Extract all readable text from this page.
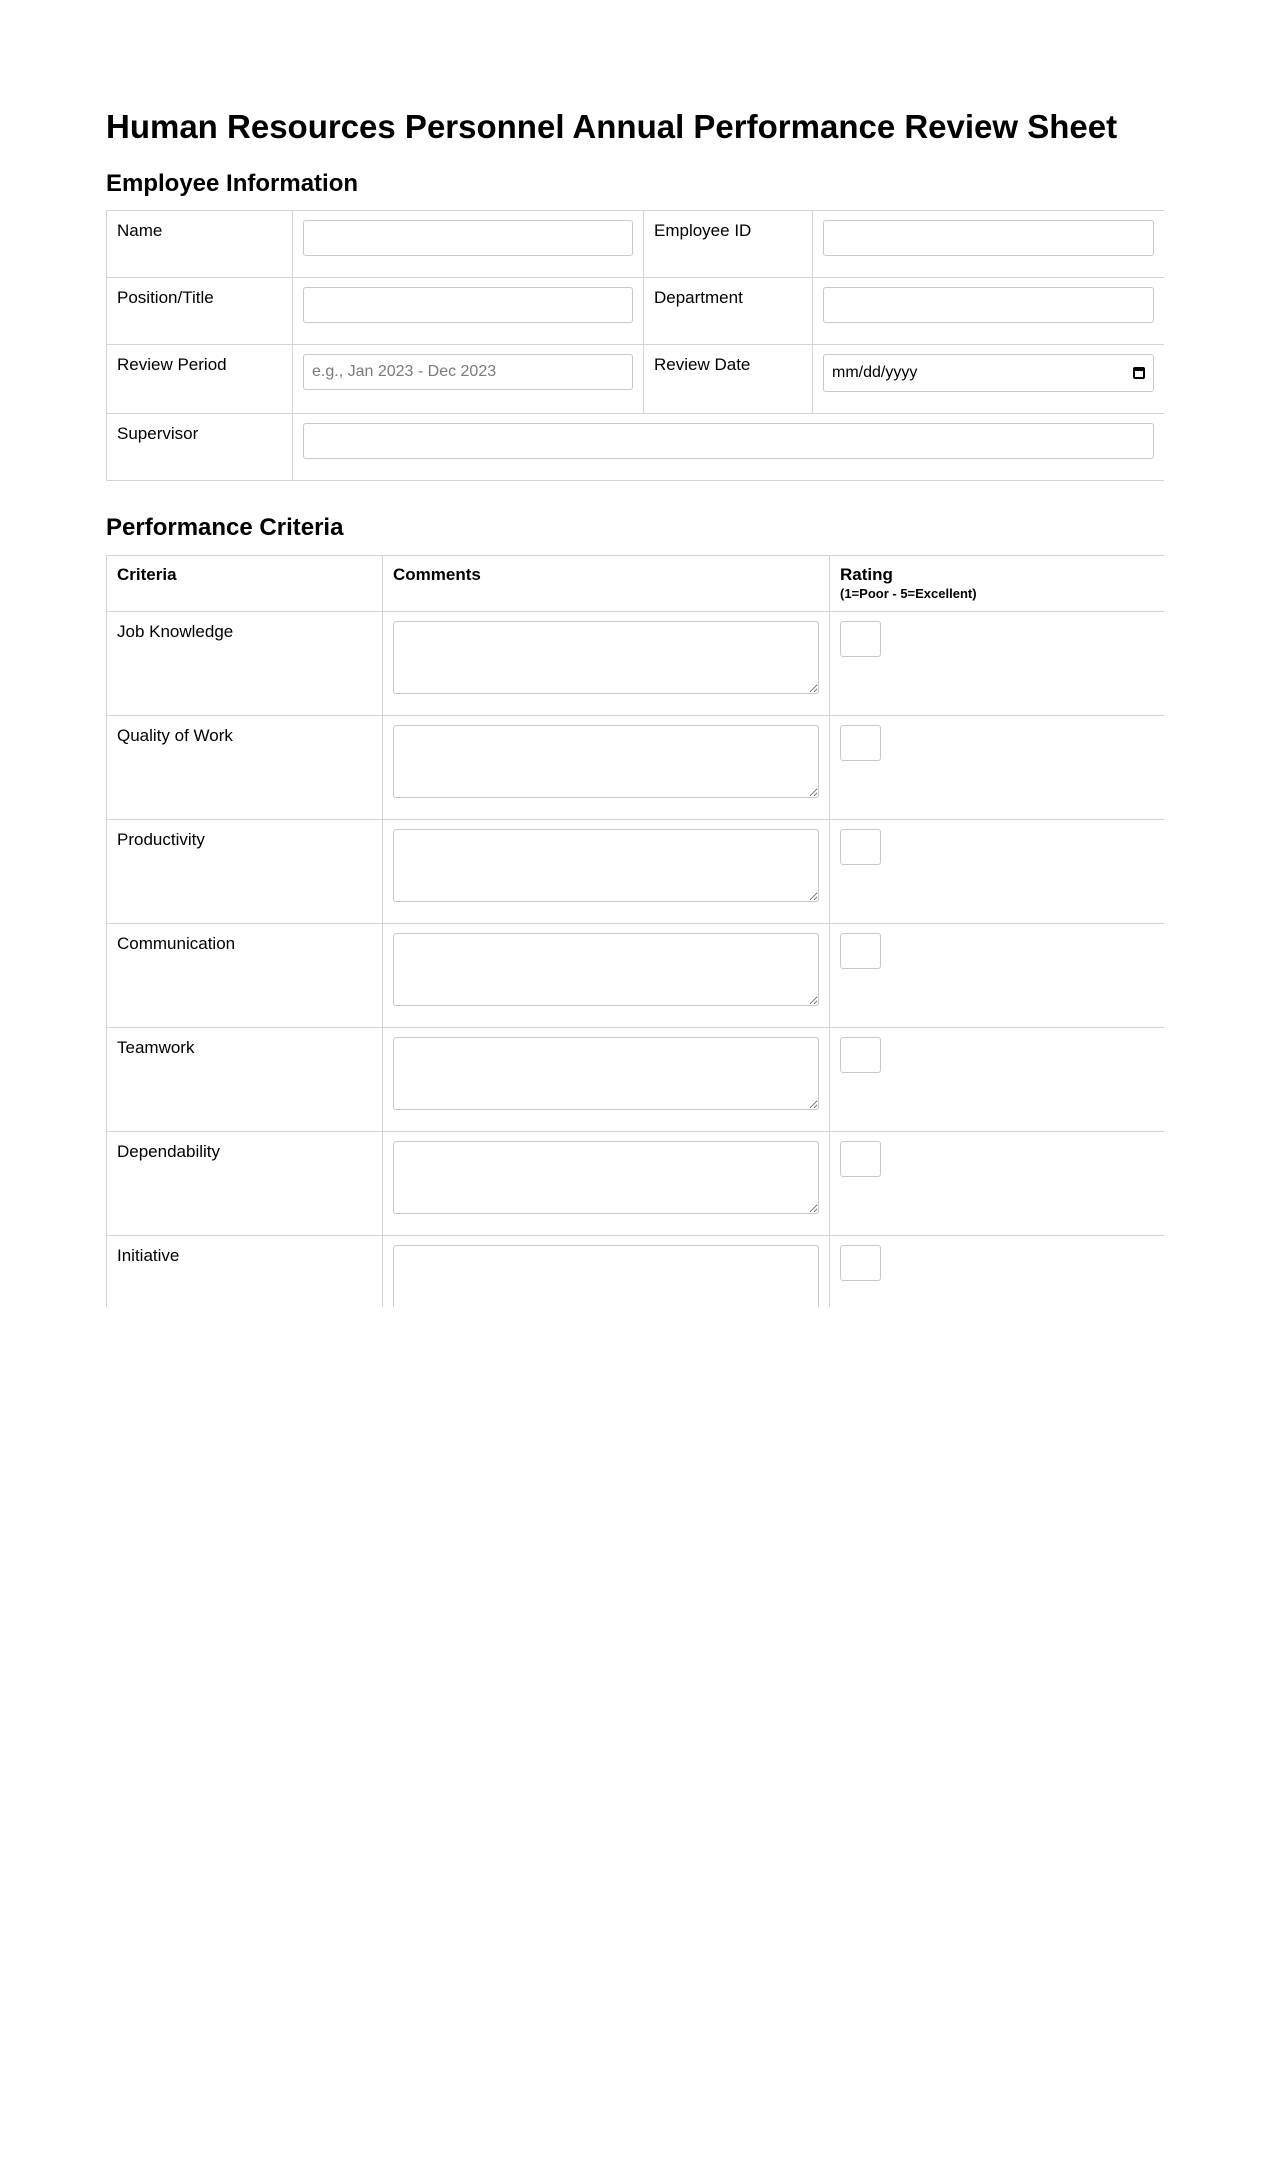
Human Resources Personnel Annual Performance Review Sheet
Employee Information
Name		Employee ID	
Position/Title		Department	
Review Period	e.g., Jan 2023 - Dec 2023	Review Date	mm/dd/yyyy

Supervisor	
Performance Criteria
Criteria	Comments	Rating
(1=Poor - 5=Excellent)

Job Knowledge	

Quality of Work	

Productivity	

Communication	

Teamwork	

Dependability	

Initiative	
